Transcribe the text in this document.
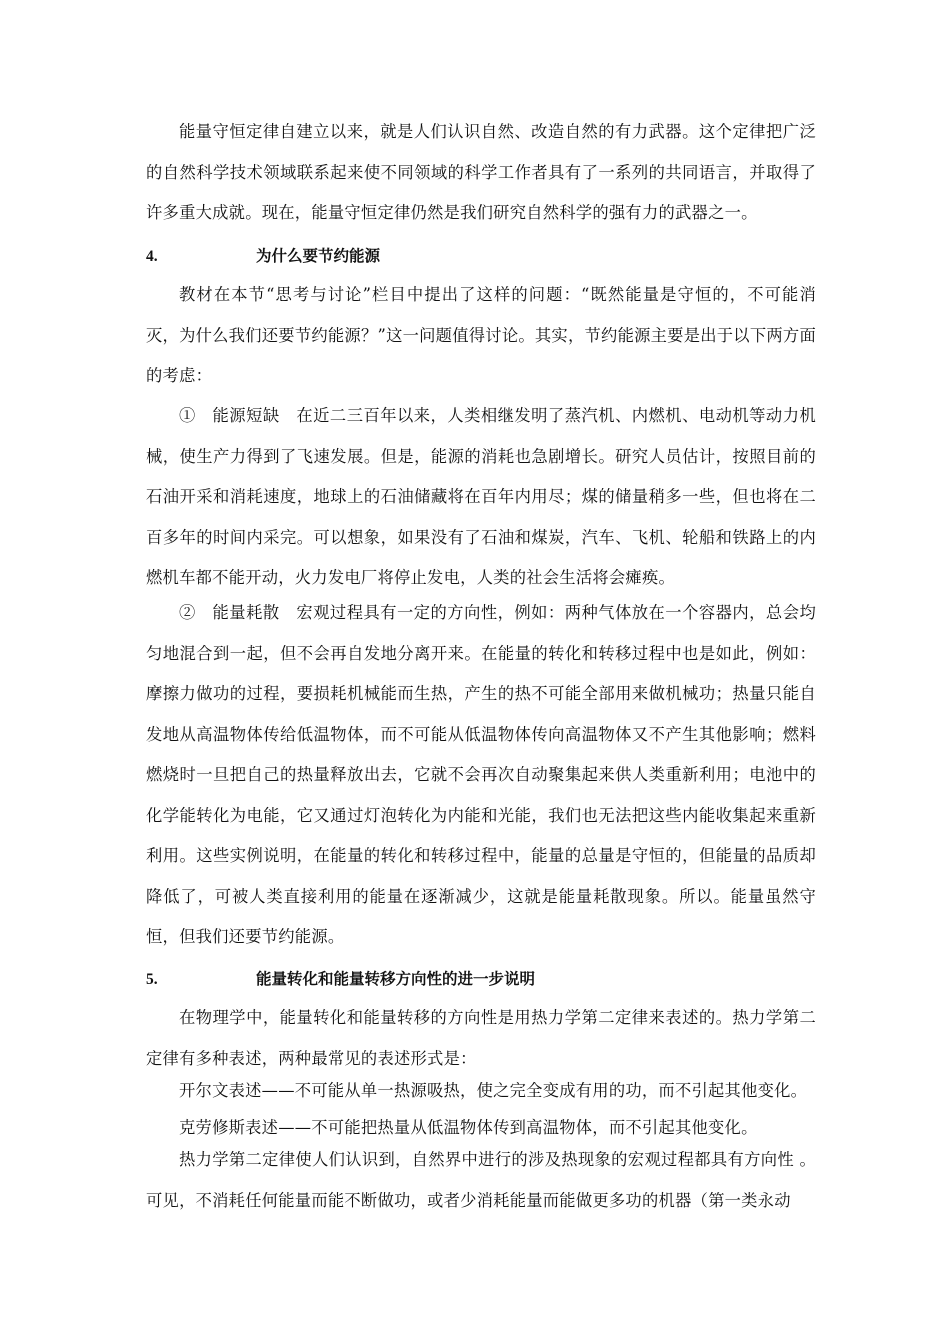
能量守恒定律自建立以来，就是人们认识自然、改造自然的有力武器。这个定律把广泛的自然科学技术领域联系起来使不同领域的科学工作者具有了一系列的共同语言，并取得了许多重大成就。现在，能量守恒定律仍然是我们研究自然科学的强有力的武器之一。

4.	为什么要节约能源

教材在本节“思考与讨论”栏目中提出了这样的问题：“既然能量是守恒的，不可能消灭，为什么我们还要节约能源？”这一问题值得讨论。其实，节约能源主要是出于以下两方面的考虑：

①　能源短缺　在近二三百年以来，人类相继发明了蒸汽机、内燃机、电动机等动力机械，使生产力得到了飞速发展。但是，能源的消耗也急剧增长。研究人员估计，按照目前的石油开采和消耗速度，地球上的石油储藏将在百年内用尽；煤的储量稍多一些，但也将在二百多年的时间内采完。可以想象，如果没有了石油和煤炭，汽车、飞机、轮船和铁路上的内燃机车都不能开动，火力发电厂将停止发电，人类的社会生活将会瘫痪。

②　能量耗散　宏观过程具有一定的方向性，例如：两种气体放在一个容器内，总会均匀地混合到一起，但不会再自发地分离开来。在能量的转化和转移过程中也是如此，例如：摩擦力做功的过程，要损耗机械能而生热，产生的热不可能全部用来做机械功；热量只能自发地从高温物体传给低温物体，而不可能从低温物体传向高温物体又不产生其他影响；燃料燃烧时一旦把自己的热量释放出去，它就不会再次自动聚集起来供人类重新利用；电池中的化学能转化为电能，它又通过灯泡转化为内能和光能，我们也无法把这些内能收集起来重新利用。这些实例说明，在能量的转化和转移过程中，能量的总量是守恒的，但能量的品质却降低了，可被人类直接利用的能量在逐渐减少，这就是能量耗散现象。所以。能量虽然守恒，但我们还要节约能源。

5.	能量转化和能量转移方向性的进一步说明

在物理学中，能量转化和能量转移的方向性是用热力学第二定律来表述的。热力学第二定律有多种表述，两种最常见的表述形式是：

开尔文表述——不可能从单一热源吸热，使之完全变成有用的功，而不引起其他变化。

克劳修斯表述——不可能把热量从低温物体传到高温物体，而不引起其他变化。

热力学第二定律使人们认识到，自然界中进行的涉及热现象的宏观过程都具有方向性 。可见，不消耗任何能量而能不断做功，或者少消耗能量而能做更多功的机器（第一类永动
